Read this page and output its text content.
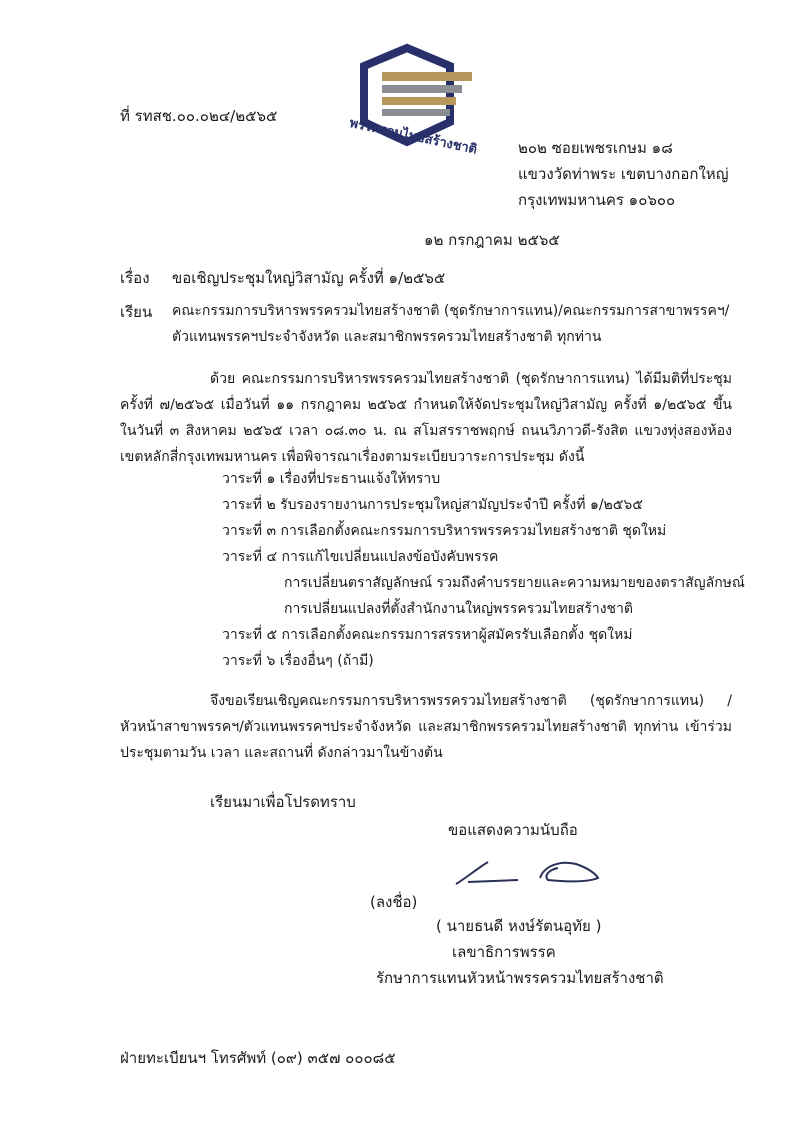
พรรครวมไทยสร้างชาติ
ที่ รทสช.๐๐.๐๒๔/๒๕๖๕
๒๐๒ ซอยเพชรเกษม ๑๘
แขวงวัดท่าพระ เขตบางกอกใหญ่
กรุงเทพมหานคร ๑๐๖๐๐
๑๒ กรกฎาคม ๒๕๖๕
เรื่อง ขอเชิญประชุมใหญ่วิสามัญ ครั้งที่ ๑/๒๕๖๕
เรียน คณะกรรมการบริหารพรรครวมไทยสร้างชาติ (ชุดรักษาการแทน)/คณะกรรมการสาขาพรรคฯ/
ตัวแทนพรรคฯประจำจังหวัด และสมาชิกพรรครวมไทยสร้างชาติ ทุกท่าน
ด้วย คณะกรรมการบริหารพรรครวมไทยสร้างชาติ (ชุดรักษาการแทน) ได้มีมติที่ประชุม ครั้งที่ ๗/๒๕๖๕ เมื่อวันที่ ๑๑ กรกฎาคม ๒๕๖๕ กำหนดให้จัดประชุมใหญ่วิสามัญ ครั้งที่ ๑/๒๕๖๕ ขึ้น ในวันที่ ๓ สิงหาคม ๒๕๖๕ เวลา ๐๘.๓๐ น. ณ สโมสรราชพฤกษ์ ถนนวิภาวดี-รังสิต แขวงทุ่งสองห้อง เขตหลักสี่กรุงเทพมหานคร เพื่อพิจารณาเรื่องตามระเบียบวาระการประชุม ดังนี้
วาระที่ ๑ เรื่องที่ประธานแจ้งให้ทราบ
วาระที่ ๒ รับรองรายงานการประชุมใหญ่สามัญประจำปี ครั้งที่ ๑/๒๕๖๕
วาระที่ ๓ การเลือกตั้งคณะกรรมการบริหารพรรครวมไทยสร้างชาติ ชุดใหม่
วาระที่ ๔ การแก้ไขเปลี่ยนแปลงข้อบังคับพรรค
การเปลี่ยนตราสัญลักษณ์ รวมถึงคำบรรยายและความหมายของตราสัญลักษณ์
การเปลี่ยนแปลงที่ตั้งสำนักงานใหญ่พรรครวมไทยสร้างชาติ
วาระที่ ๕ การเลือกตั้งคณะกรรมการสรรหาผู้สมัครรับเลือกตั้ง ชุดใหม่
วาระที่ ๖ เรื่องอื่นๆ (ถ้ามี)
จึงขอเรียนเชิญคณะกรรมการบริหารพรรครวมไทยสร้างชาติ (ชุดรักษาการแทน) /หัวหน้าสาขาพรรคฯ/ตัวแทนพรรคฯประจำจังหวัด และสมาชิกพรรครวมไทยสร้างชาติ ทุกท่าน เข้าร่วม ประชุมตามวัน เวลา และสถานที่ ดังกล่าวมาในข้างต้น
เรียนมาเพื่อโปรดทราบ
ขอแสดงความนับถือ
(ลงชื่อ)
( นายธนดี หงษ์รัตนอุทัย )
เลขาธิการพรรค
รักษาการแทนหัวหน้าพรรครวมไทยสร้างชาติ
ฝ่ายทะเบียนฯ โทรศัพท์ (๐๙) ๓๕๗ ๐๐๐๘๕
